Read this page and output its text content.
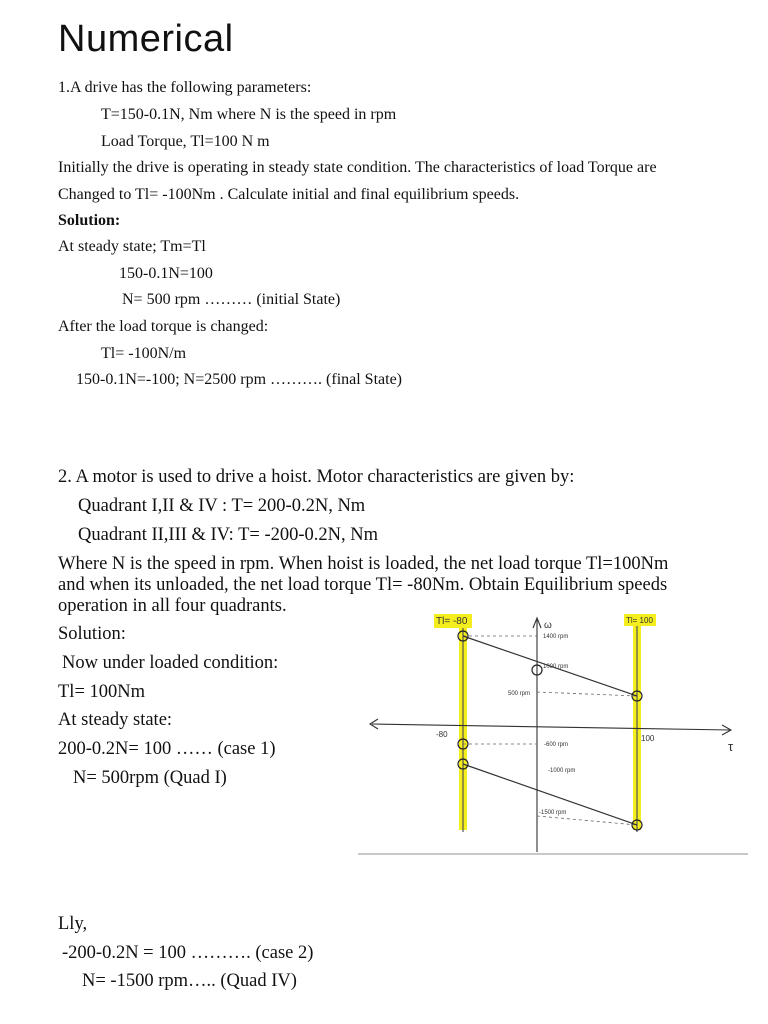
Numerical

1.A drive has the following parameters:

T=150-0.1N, Nm where N is the speed in rpm

Load Torque, Tl=100 N m

Initially the drive is operating in steady state condition. The characteristics of load Torque are

Changed to Tl= -100Nm . Calculate initial and final equilibrium speeds.

Solution:

At steady state; Tm=Tl

150-0.1N=100

N= 500 rpm ……… (initial State)

After the load torque is changed:

Tl= -100N/m

150-0.1N=-100; N=2500 rpm ………. (final State)

2. A motor is used to drive a hoist. Motor characteristics are given by:

Quadrant I,II & IV : T= 200-0.2N, Nm

Quadrant II,III & IV: T= -200-0.2N, Nm

Where N is the speed in rpm. When hoist is loaded, the net load torque Tl=100Nm

and when its unloaded, the net load torque Tl= -80Nm. Obtain Equilibrium speeds

operation in all four quadrants.

Solution:

Now under loaded condition:

Tl= 100Nm

At steady state:

200-0.2N= 100 …… (case 1)

N= 500rpm (Quad I)

Lly,

-200-0.2N = 100 ………. (case 2)

N= -1500 rpm….. (Quad IV)

Tl= -80	Tl= 100
ω
1400 rpm
1000 rpm
500 rpm
-80	100
-600 rpm
-1000 rpm
-1500 rpm
τ
